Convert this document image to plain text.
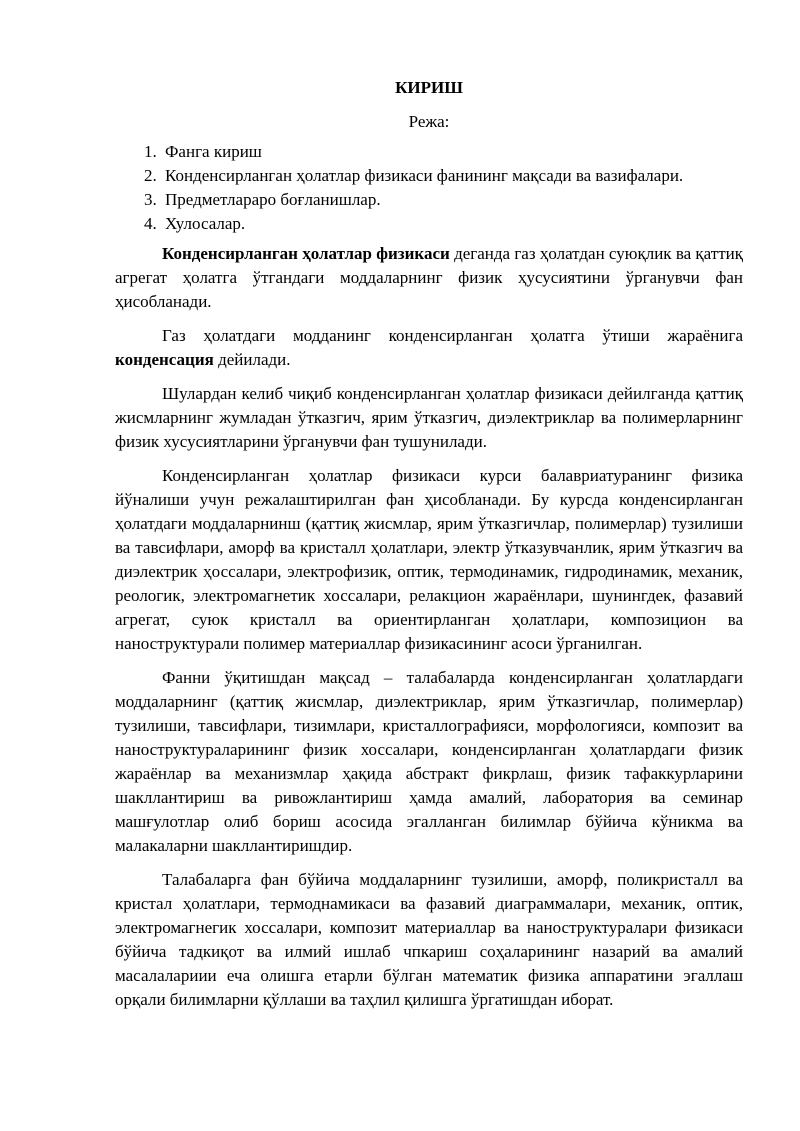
КИРИШ
Режа:
1. Фанга кириш
2. Конденсирланган ҳолатлар физикаси фанининг мақсади ва вазифалари.
3. Предметлараро боғланишлар.
4. Хулосалар.

Конденсирланган ҳолатлар физикаси деганда газ ҳолатдан суюқлик ва қаттиқ агрегат ҳолатга ўтгандаги моддаларнинг физик ҳусусиятини ўрганувчи фан ҳисобланади.

Газ ҳолатдаги модданинг конденсирланган ҳолатга ўтиши жараёнига конденсация дейилади.

Шулардан келиб чиқиб конденсирланган ҳолатлар физикаси дейилганда қаттиқ жисмларнинг жумладан ўтказгич, ярим ўтказгич, диэлектриклар ва полимерларнинг физик хусусиятларини ўрганувчи фан тушунилади.

Конденсирланган ҳолатлар физикаси курси балавриатуранинг физика йўналиши учун режалаштирилган фан ҳисобланади. Бу курсда конденсирланган ҳолатдаги моддаларнинш (қаттиқ жисмлар, ярим ўтказгичлар, полимерлар) тузилиши ва тавсифлари, аморф ва кристалл ҳолатлари, электр ўтказувчанлик, ярим ўтказгич ва диэлектрик ҳоссалари, электрофизик, оптик, термодинамик, гидродинамик, механик, реологик, электромагнетик хоссалари, релакцион жараёнлари, шунингдек, фазавий агрегат, суюк кристалл ва ориентирланган ҳолатлари, композицион ва наноструктурали полимер материаллар физикасининг асоси ўрганилган.

Фанни ўқитишдан мақсад – талабаларда конденсирланган ҳолатлардаги моддаларнинг (қаттиқ жисмлар, диэлектриклар, ярим ўтказгичлар, полимерлар) тузилиши, тавсифлари, тизимлари, кристаллографияси, морфологияси, композит ва наноструктураларининг физик хоссалари, конденсирланган ҳолатлардаги физик жараёнлар ва механизмлар ҳақида абстракт фикрлаш, физик тафаккурларини шакллантириш ва ривожлантириш ҳамда амалий, лаборатория ва семинар машғулотлар олиб бориш асосида эгалланган билимлар бўйича кўникма ва малакаларни шакллантиришдир.

Талабаларга фан бўйича моддаларнинг тузилиши, аморф, поликристалл ва кристал ҳолатлари, термоднамикаси ва фазавий диаграммалари, механик, оптик, электромагнегик хоссалари, композит материаллар ва наноструктуралари физикаси бўйича тадкиқот ва илмий ишлаб чпкариш соҳаларининг назарий ва амалий масалалариии еча олишга етарли бўлган математик физика аппаратини эгаллаш орқали билимларни қўллаши ва таҳлил қилишга ўргатишдан иборат.
